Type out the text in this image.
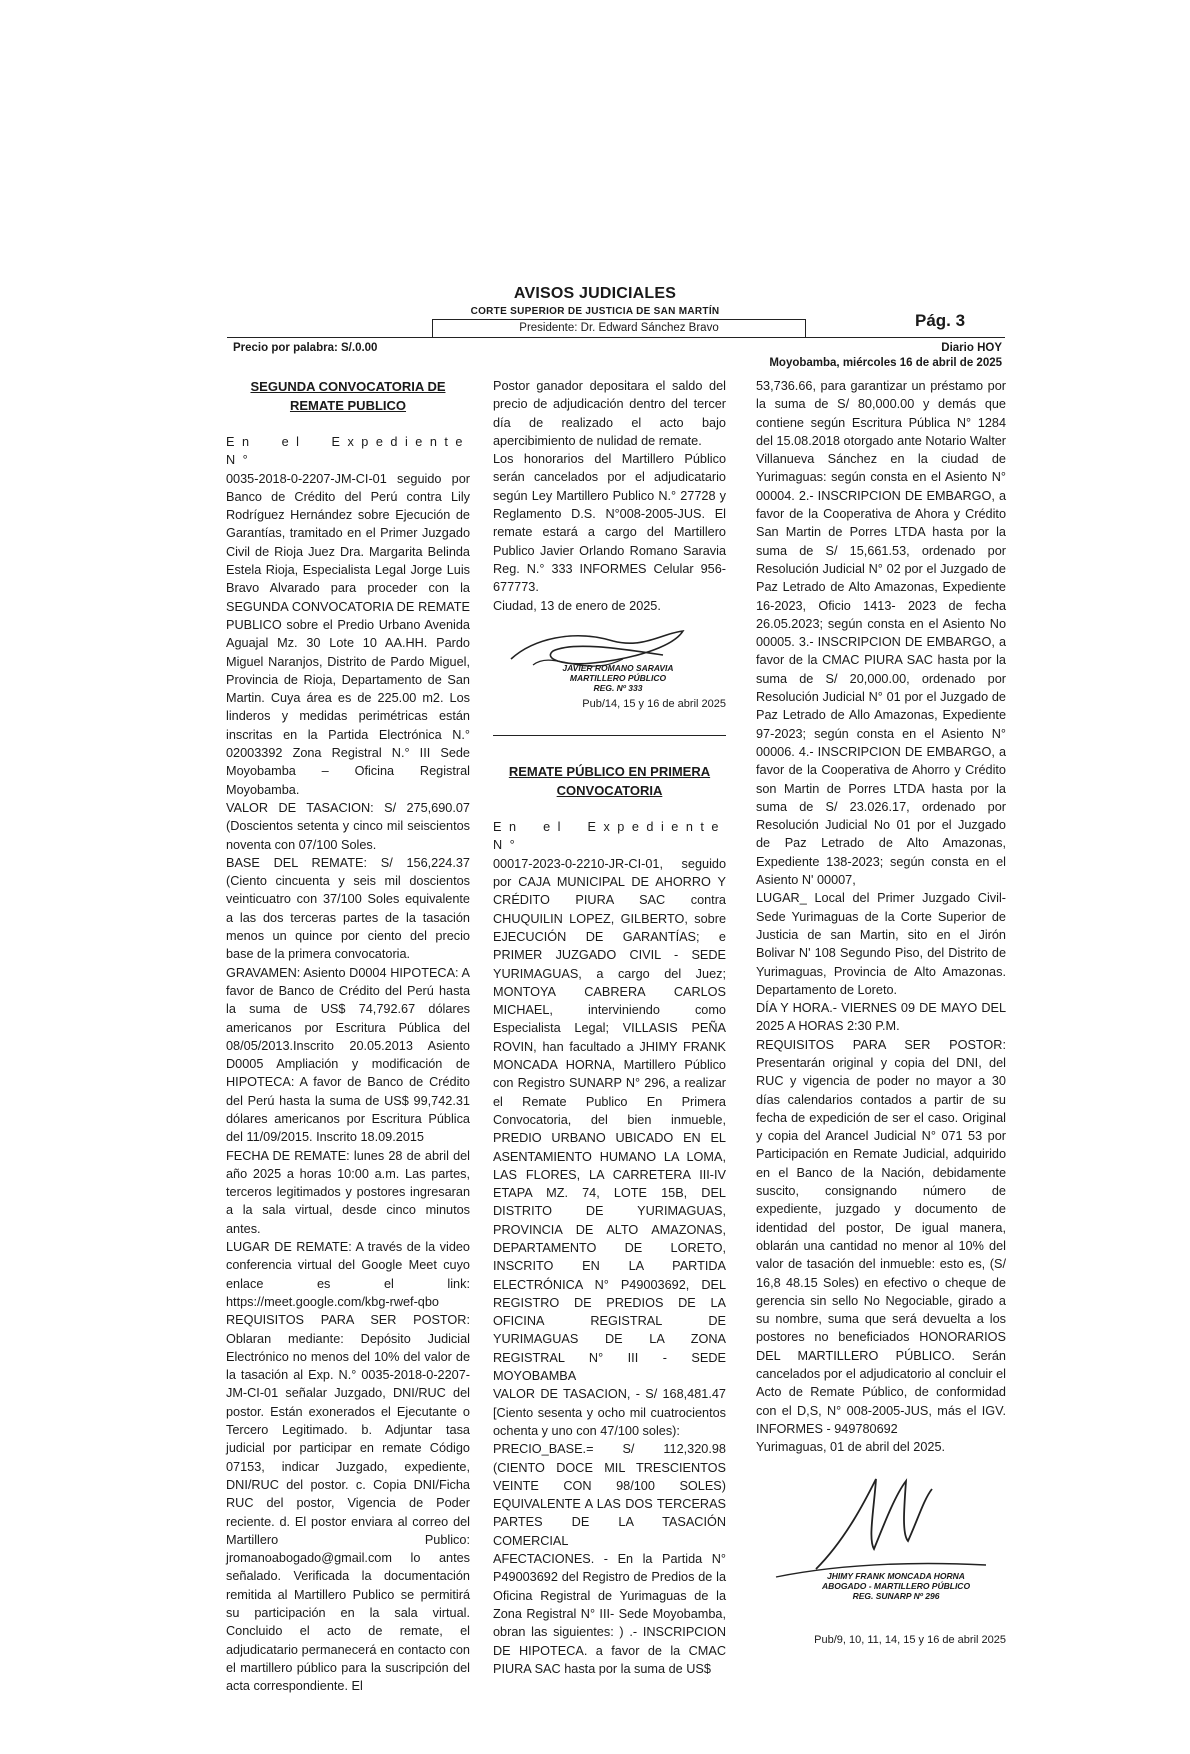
AVISOS JUDICIALES
CORTE SUPERIOR DE JUSTICIA DE SAN MARTÍN
Presidente: Dr. Edward Sánchez Bravo	Pág. 3
Precio por palabra: S/.0.00	Diario HOY
Moyobamba, miércoles 16 de abril de 2025
SEGUNDA CONVOCATORIA DE REMATE PUBLICO

En el Expediente N°

0035-2018-0-2207-JM-CI-01 seguido por Banco de Crédito del Perú contra Lily Rodríguez Hernández sobre Ejecución de Garantías, tramitado en el Primer Juzgado Civil de Rioja Juez Dra. Margarita Belinda Estela Rioja, Especialista Legal Jorge Luis Bravo Alvarado para proceder con la SEGUNDA CONVOCATORIA DE REMATE PUBLICO sobre el Predio Urbano Avenida Aguajal Mz. 30 Lote 10 AA.HH. Pardo Miguel Naranjos, Distrito de Pardo Miguel, Provincia de Rioja, Departamento de San Martin. Cuya área es de 225.00 m2. Los linderos y medidas perimétricas están inscritas en la Partida Electrónica N.° 02003392 Zona Registral N.° III Sede Moyobamba – Oficina Registral Moyobamba.

VALOR DE TASACION: S/ 275,690.07 (Doscientos setenta y cinco mil seiscientos noventa con 07/100 Soles.

BASE DEL REMATE: S/ 156,224.37 (Ciento cincuenta y seis mil doscientos veinticuatro con 37/100 Soles equivalente a las dos terceras partes de la tasación menos un quince por ciento del precio base de la primera convocatoria.

GRAVAMEN: Asiento D0004 HIPOTECA: A favor de Banco de Crédito del Perú hasta la suma de US$ 74,792.67 dólares americanos por Escritura Pública del 08/05/2013.Inscrito 20.05.2013 Asiento D0005 Ampliación y modificación de HIPOTECA: A favor de Banco de Crédito del Perú hasta la suma de US$ 99,742.31 dólares americanos por Escritura Pública del 11/09/2015. Inscrito 18.09.2015

FECHA DE REMATE: lunes 28 de abril del año 2025 a horas 10:00 a.m. Las partes, terceros legitimados y postores ingresaran a la sala virtual, desde cinco minutos antes.

LUGAR DE REMATE: A través de la video conferencia virtual del Google Meet cuyo enlace es el link: https://meet.google.com/kbg-rwef-qbo

REQUISITOS PARA SER POSTOR: Oblaran mediante: Depósito Judicial Electrónico no menos del 10% del valor de la tasación al Exp. N.° 0035-2018-0-2207-JM-CI-01 señalar Juzgado, DNI/RUC del postor. Están exonerados el Ejecutante o Tercero Legitimado. b. Adjuntar tasa judicial por participar en remate Código 07153, indicar Juzgado, expediente, DNI/RUC del postor. c. Copia DNI/Ficha RUC del postor, Vigencia de Poder reciente. d. El postor enviara al correo del Martillero Publico: jromanoabogado@gmail.com lo antes señalado. Verificada la documentación remitida al Martillero Publico se permitirá su participación en la sala virtual. Concluido el acto de remate, el adjudicatario permanecerá en contacto con el martillero público para la suscripción del acta correspondiente. El

Postor ganador depositara el saldo del precio de adjudicación dentro del tercer día de realizado el acto bajo apercibimiento de nulidad de remate.

Los honorarios del Martillero Público serán cancelados por el adjudicatario según Ley Martillero Publico N.° 27728 y Reglamento D.S. N°008-2005-JUS. El remate estará a cargo del Martillero Publico Javier Orlando Romano Saravia Reg. N.° 333 INFORMES Celular 956-677773.

Ciudad, 13 de enero de 2025.

JAVIER ROMANO SARAVIA
MARTILLERO PÚBLICO
REG. Nº 333
Pub/14, 15 y 16 de abril 2025
REMATE PÚBLICO EN PRIMERA CONVOCATORIA

En el Expediente N°

00017-2023-0-2210-JR-CI-01, seguido por CAJA MUNICIPAL DE AHORRO Y CRÉDITO PIURA SAC contra CHUQUILIN LOPEZ, GILBERTO, sobre EJECUCIÓN DE GARANTÍAS; e PRIMER JUZGADO CIVIL - SEDE YURIMAGUAS, a cargo del Juez; MONTOYA CABRERA CARLOS MICHAEL, interviniendo como Especialista Legal; VILLASIS PEÑA ROVIN, han facultado a JHIMY FRANK MONCADA HORNA, Martillero Público con Registro SUNARP N° 296, a realizar el Remate Publico En Primera Convocatoria, del bien inmueble, PREDIO URBANO UBICADO EN EL ASENTAMIENTO HUMANO LA LOMA, LAS FLORES, LA CARRETERA III-IV ETAPA MZ. 74, LOTE 15B, DEL DISTRITO DE YURIMAGUAS, PROVINCIA DE ALTO AMAZONAS, DEPARTAMENTO DE LORETO, INSCRITO EN LA PARTIDA ELECTRÓNICA N° P49003692, DEL REGISTRO DE PREDIOS DE LA OFICINA REGISTRAL DE YURIMAGUAS DE LA ZONA REGISTRAL N° III - SEDE MOYOBAMBA

VALOR DE TASACION, - S/ 168,481.47 [Ciento sesenta y ocho mil cuatrocientos ochenta y uno con 47/100 soles):

PRECIO_BASE.= S/ 112,320.98 (CIENTO DOCE MIL TRESCIENTOS VEINTE CON 98/100 SOLES) EQUIVALENTE A LAS DOS TERCERAS PARTES DE LA TASACIÓN COMERCIAL

AFECTACIONES. - En la Partida N° P49003692 del Registro de Predios de la Oficina Registral de Yurimaguas de la Zona Registral N° III- Sede Moyobamba, obran las siguientes: ) .- INSCRIPCION DE HIPOTECA. a favor de la CMAC PIURA SAC hasta por la suma de US$

53,736.66, para garantizar un préstamo por la suma de S/ 80,000.00 y demás que contiene según Escritura Pública N° 1284 del 15.08.2018 otorgado ante Notario Walter Villanueva Sánchez en la ciudad de Yurimaguas: según consta en el Asiento N° 00004. 2.- INSCRIPCION DE EMBARGO, a favor de la Cooperativa de Ahora y Crédito San Martin de Porres LTDA hasta por la suma de S/ 15,661.53, ordenado por Resolución Judicial N° 02 por el Juzgado de Paz Letrado de Alto Amazonas, Expediente 16-2023, Oficio 1413- 2023 de fecha 26.05.2023; según consta en el Asiento No 00005. 3.- INSCRIPCION DE EMBARGO, a favor de la CMAC PIURA SAC hasta por la suma de S/ 20,000.00, ordenado por Resolución Judicial N° 01 por el Juzgado de Paz Letrado de Allo Amazonas, Expediente 97-2023; según consta en el Asiento N° 00006. 4.- INSCRIPCION DE EMBARGO, a favor de la Cooperativa de Ahorro y Crédito son Martin de Porres LTDA hasta por la suma de S/ 23.026.17, ordenado por Resolución Judicial No 01 por el Juzgado de Paz Letrado de Alto Amazonas, Expediente 138-2023; según consta en el Asiento N' 00007,

LUGAR_ Local del Primer Juzgado Civil- Sede Yurimaguas de la Corte Superior de Justicia de san Martin, sito en el Jirón Bolivar N' 108 Segundo Piso, del Distrito de Yurimaguas, Provincia de Alto Amazonas. Departamento de Loreto.

DÍA Y HORA.- VIERNES 09 DE MAYO DEL 2025 A HORAS 2:30 P.M.

REQUISITOS PARA SER POSTOR: Presentarán original y copia del DNI, del RUC y vigencia de poder no mayor a 30 días calendarios contados a partir de su fecha de expedición de ser el caso. Original y copia del Arancel Judicial N° 071 53 por Participación en Remate Judicial, adquirido en el Banco de la Nación, debidamente suscito, consignando número de expediente, juzgado y documento de identidad del postor, De igual manera, oblarán una cantidad no menor al 10% del valor de tasación del inmueble: esto es, (S/ 16,8 48.15 Soles) en efectivo o cheque de gerencia sin sello No Negociable, girado a su nombre, suma que será devuelta a los postores no beneficiados HONORARIOS DEL MARTILLERO PÚBLICO. Serán cancelados por el adjudicatorio al concluir el Acto de Remate Público, de conformidad con el D,S, N° 008-2005-JUS, más el IGV. INFORMES - 949780692

Yurimaguas, 01 de abril del 2025.

JHIMY FRANK MONCADA HORNA
ABOGADO - MARTILLERO PÚBLICO
REG. SUNARP Nº 296
Pub/9, 10, 11, 14, 15 y 16 de abril 2025
